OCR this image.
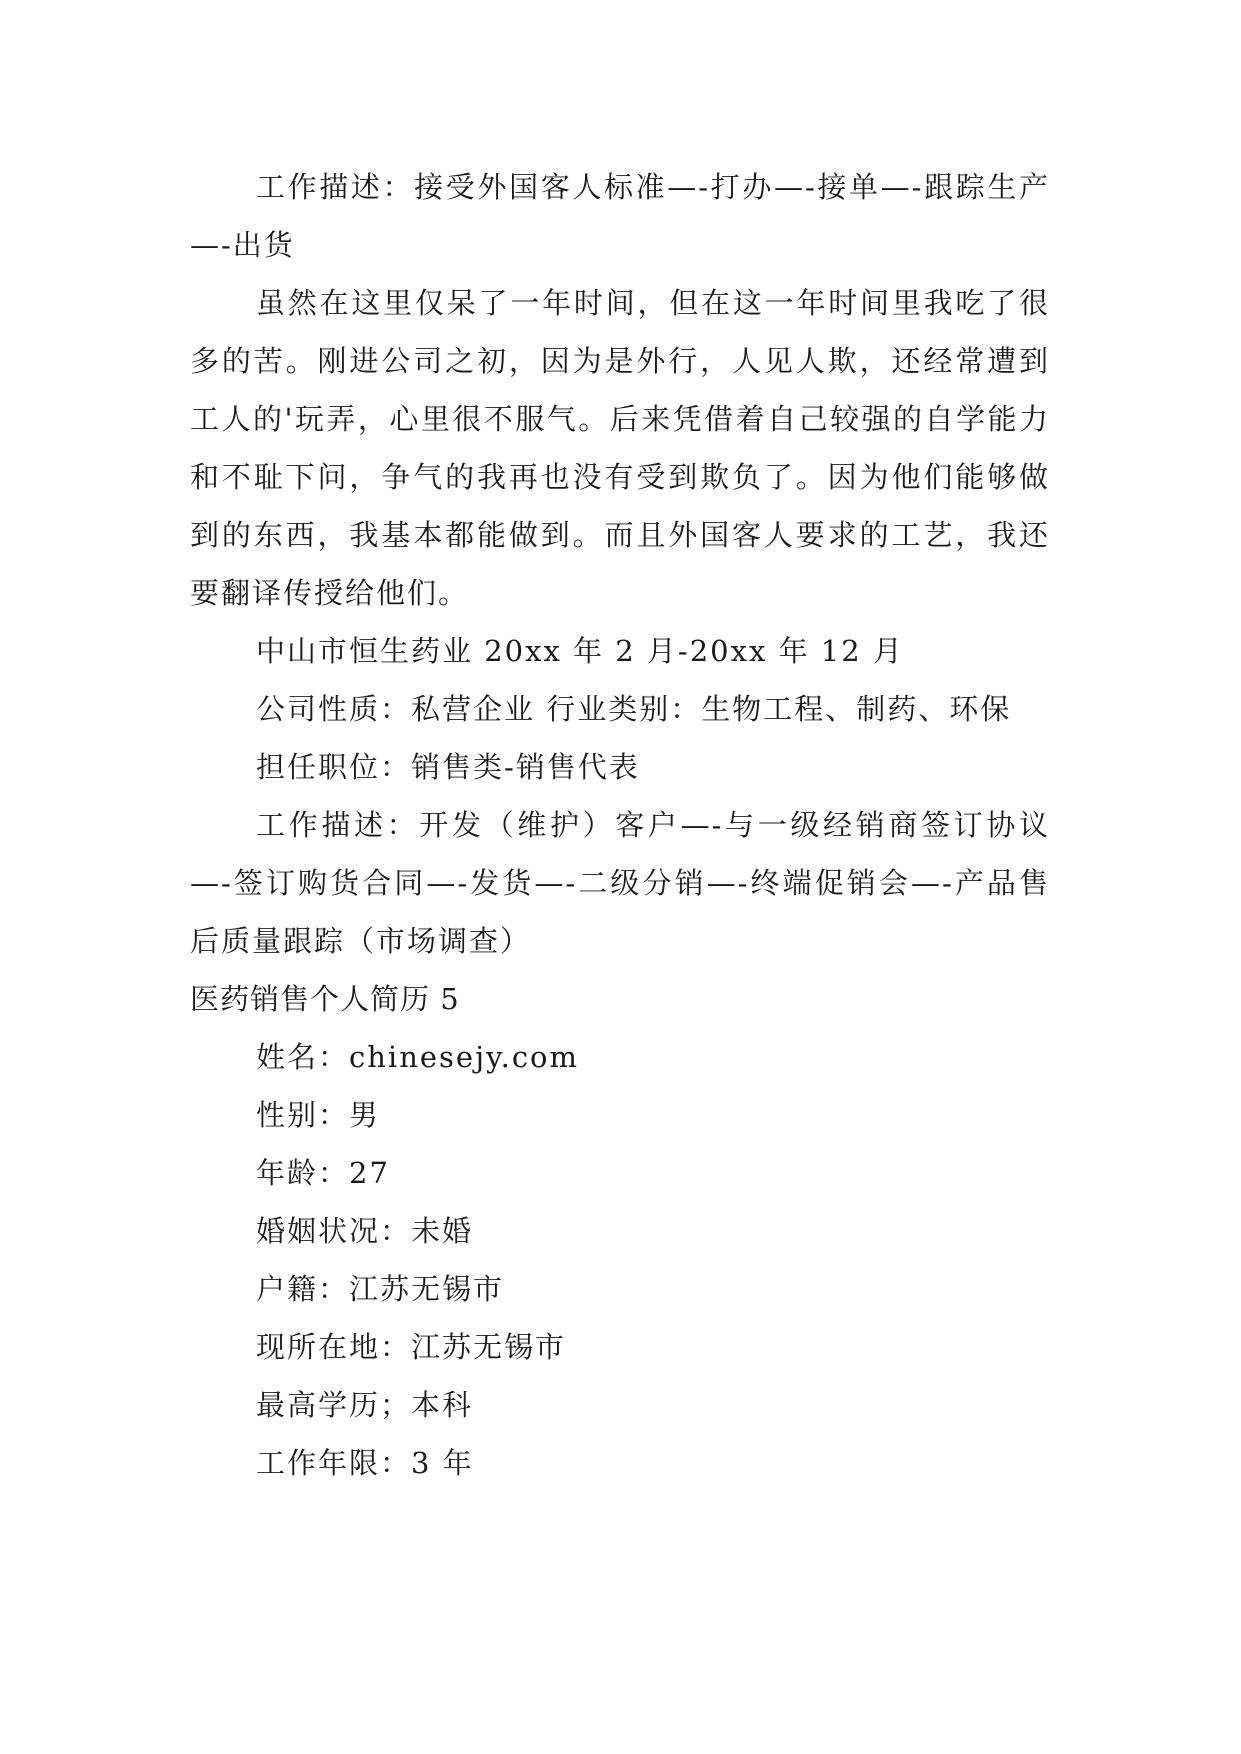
工作描述：接受外国客人标准—-打办—-接单—-跟踪生产—-出货

虽然在这里仅呆了一年时间，但在这一年时间里我吃了很多的苦。刚进公司之初，因为是外行，人见人欺，还经常遭到工人的'玩弄，心里很不服气。后来凭借着自己较强的自学能力和不耻下问，争气的我再也没有受到欺负了。因为他们能够做到的东西，我基本都能做到。而且外国客人要求的工艺，我还要翻译传授给他们。

中山市恒生药业 20xx 年 2 月-20xx 年 12 月

公司性质：私营企业 行业类别：生物工程、制药、环保

担任职位：销售类-销售代表

工作描述：开发（维护）客户—-与一级经销商签订协议—-签订购货合同—-发货—-二级分销—-终端促销会—-产品售后质量跟踪（市场调查）

医药销售个人简历 5

姓名：chinesejy.com

性别：男

年龄：27

婚姻状况：未婚

户籍：江苏无锡市

现所在地：江苏无锡市

最高学历；本科

工作年限：3 年
